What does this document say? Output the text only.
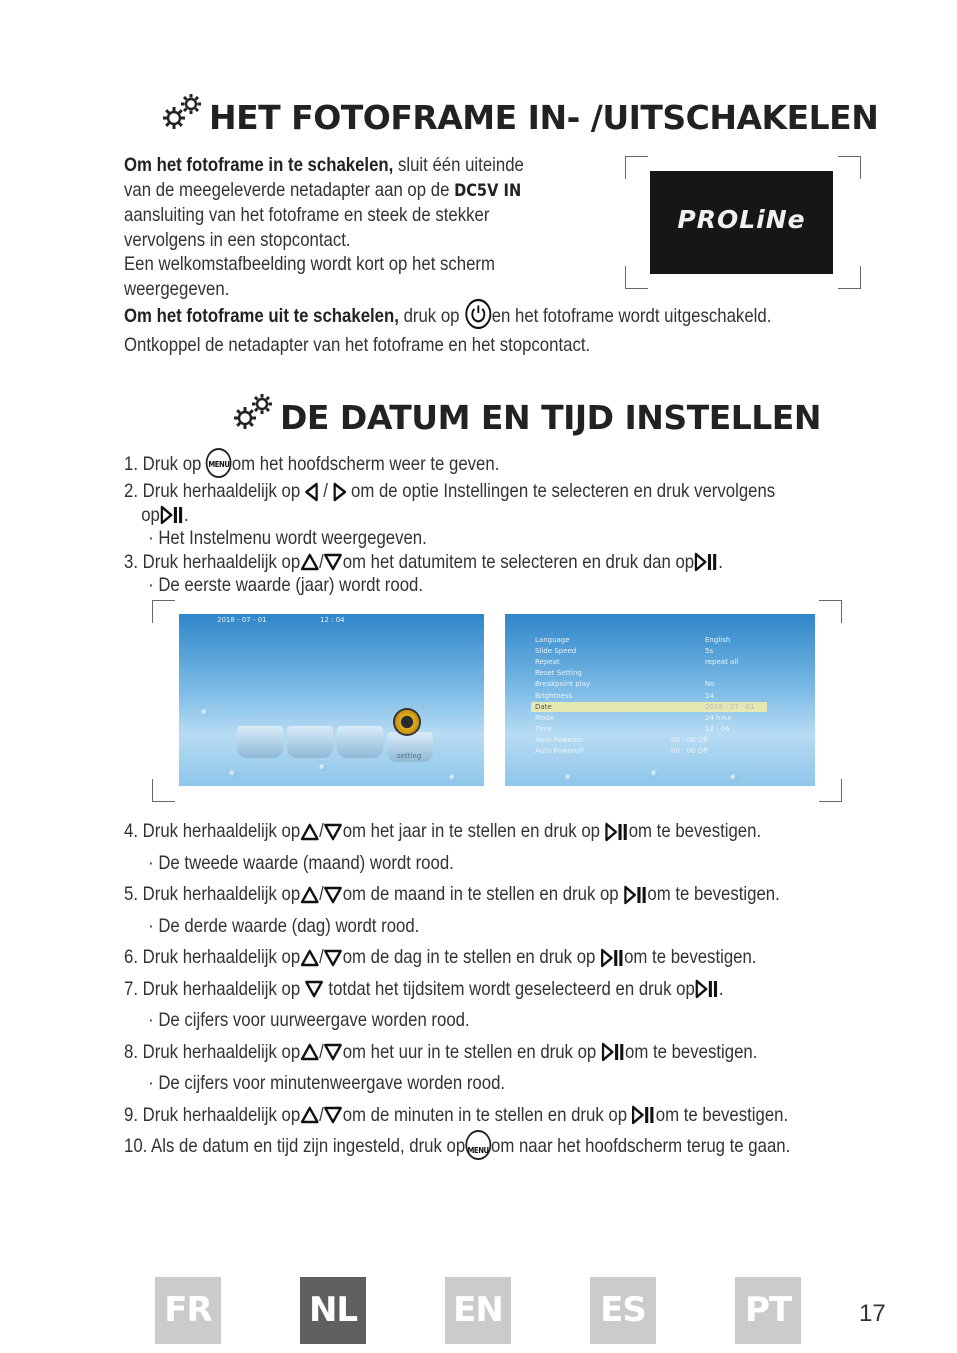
HET FOTOFRAME IN- /UITSCHAKELEN
Om het fotoframe in te schakelen, sluit één uiteinde
van de meegeleverde netadapter aan op de DC5V IN
aansluiting van het fotoframe en steek de stekker
vervolgens in een stopcontact.
Een welkomstafbeelding wordt kort op het scherm
weergegeven.
Om het fotoframe uit te schakelen, druk op en het fotoframe wordt uitgeschakeld.
Ontkoppel de netadapter van het fotoframe en het stopcontact.
PROLiNe
DE DATUM EN TIJD INSTELLEN
1. Druk op MENU om het hoofdscherm weer te geven.
2. Druk herhaaldelijk op  /  om de optie Instellingen te selecteren en druk vervolgens
op .
· Het Instelmenu wordt weergegeven.
3. Druk herhaaldelijk op / om het datumitem te selecteren en druk dan op .
· De eerste waarde (jaar) wordt rood.
2018 - 07 - 01	12 : 04
setting
Language	English
Slide Speed	5s
Repeat	repeat all
Reset Setting
Breakpoint play	No
Brightness	14
Date	2018 - 07 - 01
Mode	24 hour
Time	12 : 06
Auto Poweron	00 : 00 Off
Auto Poweroff	00 : 00 Off
4. Druk herhaaldelijk op / om het jaar in te stellen en druk op om te bevestigen.
· De tweede waarde (maand) wordt rood.
5. Druk herhaaldelijk op / om de maand in te stellen en druk op om te bevestigen.
· De derde waarde (dag) wordt rood.
6. Druk herhaaldelijk op / om de dag in te stellen en druk op om te bevestigen.
7. Druk herhaaldelijk op  totdat het tijdsitem wordt geselecteerd en druk op .
· De cijfers voor uurweergave worden rood.
8. Druk herhaaldelijk op / om het uur in te stellen en druk op om te bevestigen.
· De cijfers voor minutenweergave worden rood.
9. Druk herhaaldelijk op / om de minuten in te stellen en druk op om te bevestigen.
10. Als de datum en tijd zijn ingesteld, druk op MENU om naar het hoofdscherm terug te gaan.
FR	NL	EN	ES	PT	17
